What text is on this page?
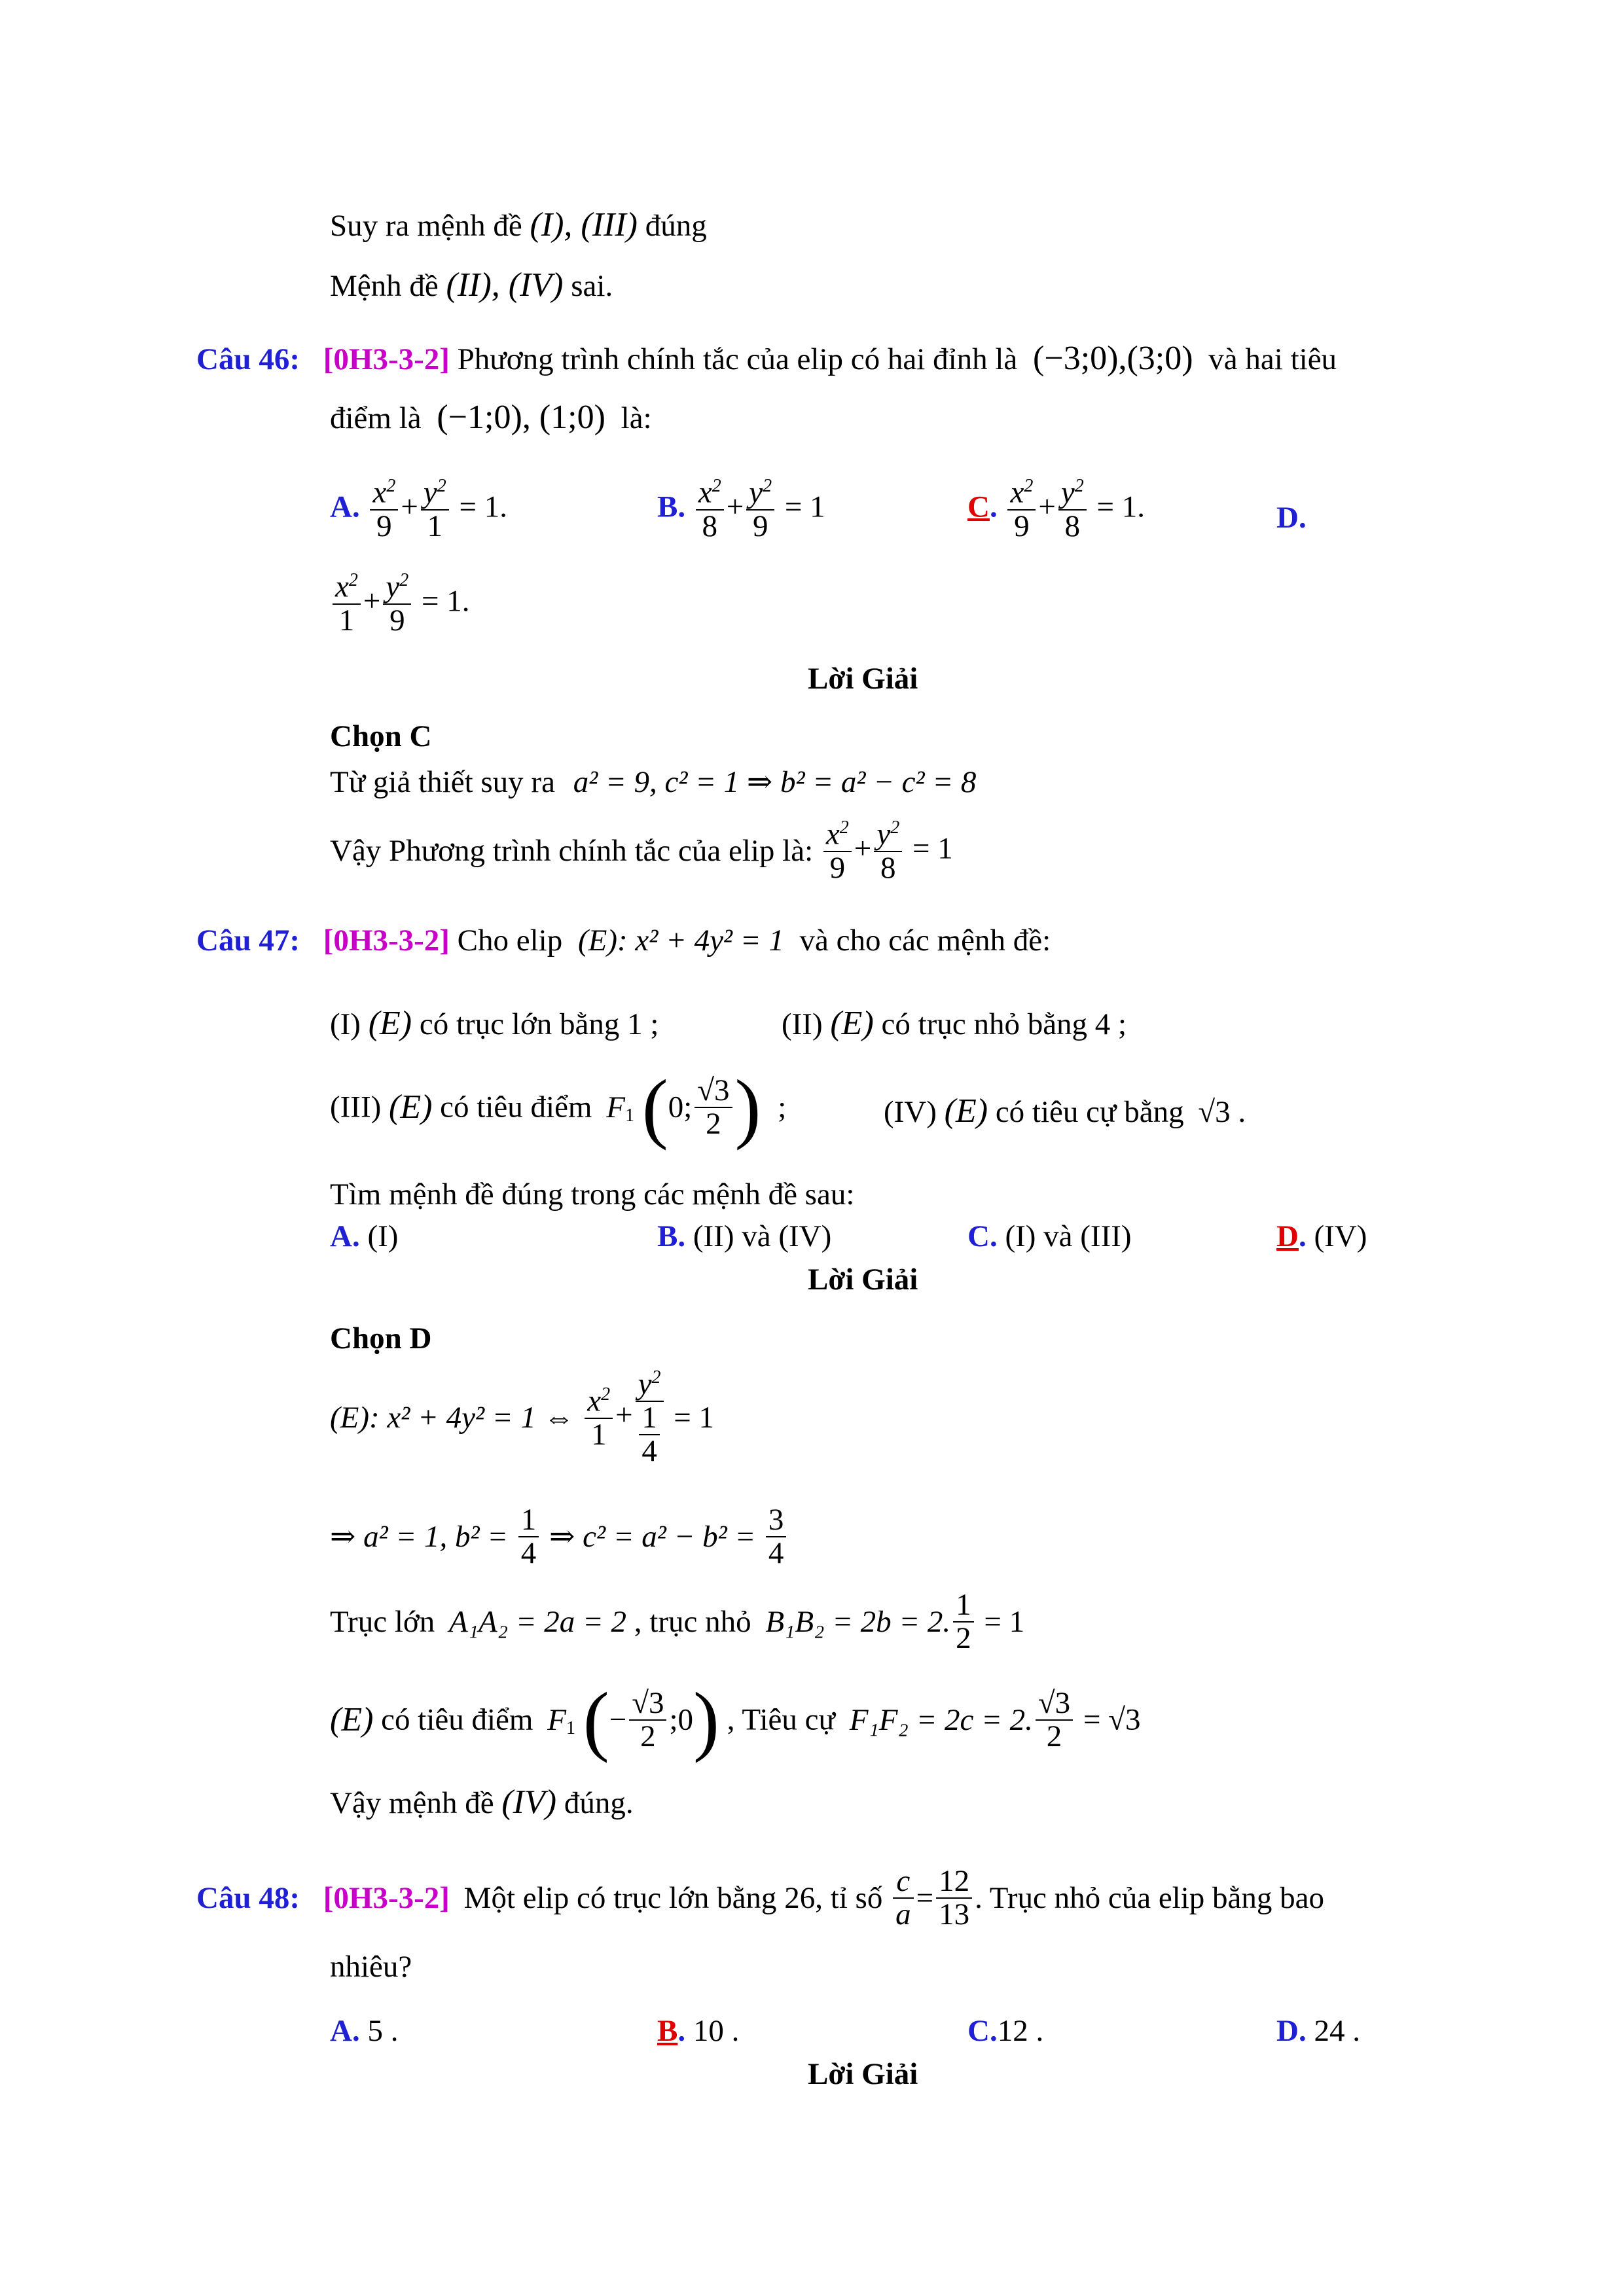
Suy ra mệnh đề (I), (III) đúng
Mệnh đề (II), (IV) sai.
Câu 46: [0H3-3-2] Phương trình chính tắc của elip có hai đỉnh là (−3;0),(3;0) và hai tiêu
điểm là (−1;0), (1;0) là:
A. $\frac{x^2}{9} + \frac{y^2}{1} = 1$.	B. $\frac{x^2}{8} + \frac{y^2}{9} = 1$	C. $\frac{x^2}{9} + \frac{y^2}{8} = 1$.	D.
$\frac{x^2}{1} + \frac{y^2}{9} = 1$.
Lời Giải
Chọn C
Từ giả thiết suy ra a² = 9, c² = 1 ⇒ b² = a² − c² = 8
Vậy Phương trình chính tắc của elip là: $\frac{x^2}{9} + \frac{y^2}{8} = 1$
Câu 47: [0H3-3-2] Cho elip (E): x² + 4y² = 1 và cho các mệnh đề:
(I) (E) có trục lớn bằng 1 ;	(II) (E) có trục nhỏ bằng 4 ;
(III) (E) có tiêu điểm $F_1$ (0; $\frac{√3}{2}$ ) ;	(IV) (E) có tiêu cự bằng √3 .
Tìm mệnh đề đúng trong các mệnh đề sau:
A. (I)	B. (II) và (IV)	C. (I) và (III)	D. (IV)
Lời Giải
Chọn D
(E): x² + 4y² = 1 ⇔ $\frac{x^2}{1} + \frac{y^2}{\frac{1}{4}} = 1$
⇒ a² = 1, $b^2 = \frac{1}{4}$ ⇒ $c^2 = a^2 - b^2 = \frac{3}{4}$
Trục lớn A₁A₂ = 2a = 2 , trục nhỏ B₁B₂ = 2b = 2. $\frac{1}{2} = 1$
(E) có tiêu điểm $F_1$ (− $\frac{√3}{2}$ ;0) , Tiêu cự F₁F₂ = 2c = 2. $\frac{√3}{2} = √3$
Vậy mệnh đề (IV) đúng.
Câu 48: [0H3-3-2] Một elip có trục lớn bằng 26, tỉ số $\frac{c}{a} = \frac{12}{13}$ . Trục nhỏ của elip bằng bao
nhiêu?
A. 5 .	B. 10 .	C.12 .	D. 24 .
Lời Giải
